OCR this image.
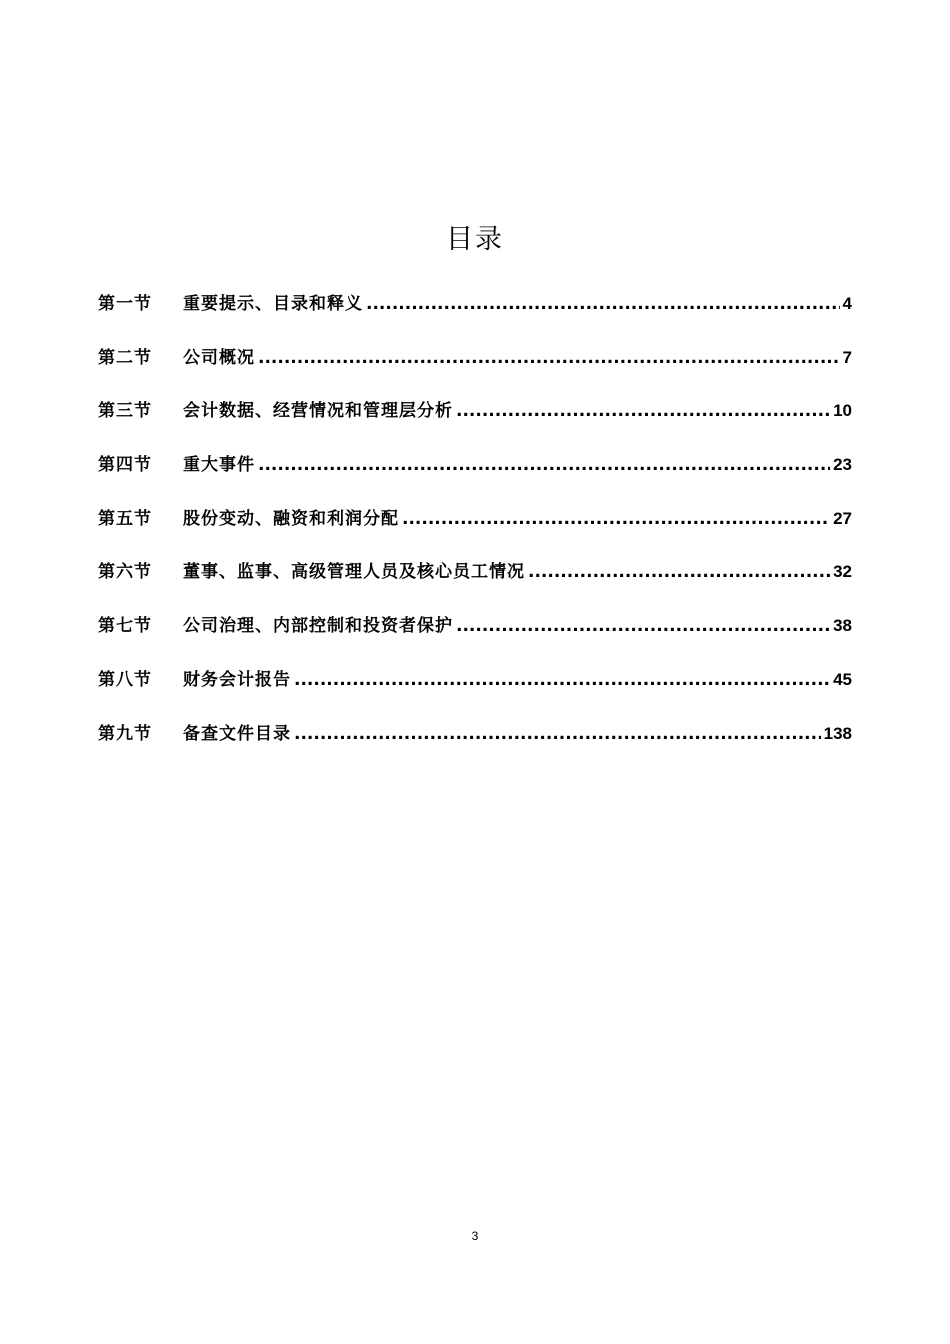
目录
第一节	重要提示、目录和释义 .....	4
第二节	公司概况 .....	7
第三节	会计数据、经营情况和管理层分析 .....	10
第四节	重大事件 .....	23
第五节	股份变动、融资和利润分配 .....	27
第六节	董事、监事、高级管理人员及核心员工情况 .....	32
第七节	公司治理、内部控制和投资者保护 .....	38
第八节	财务会计报告 .....	45
第九节	备查文件目录 .....	138
3
